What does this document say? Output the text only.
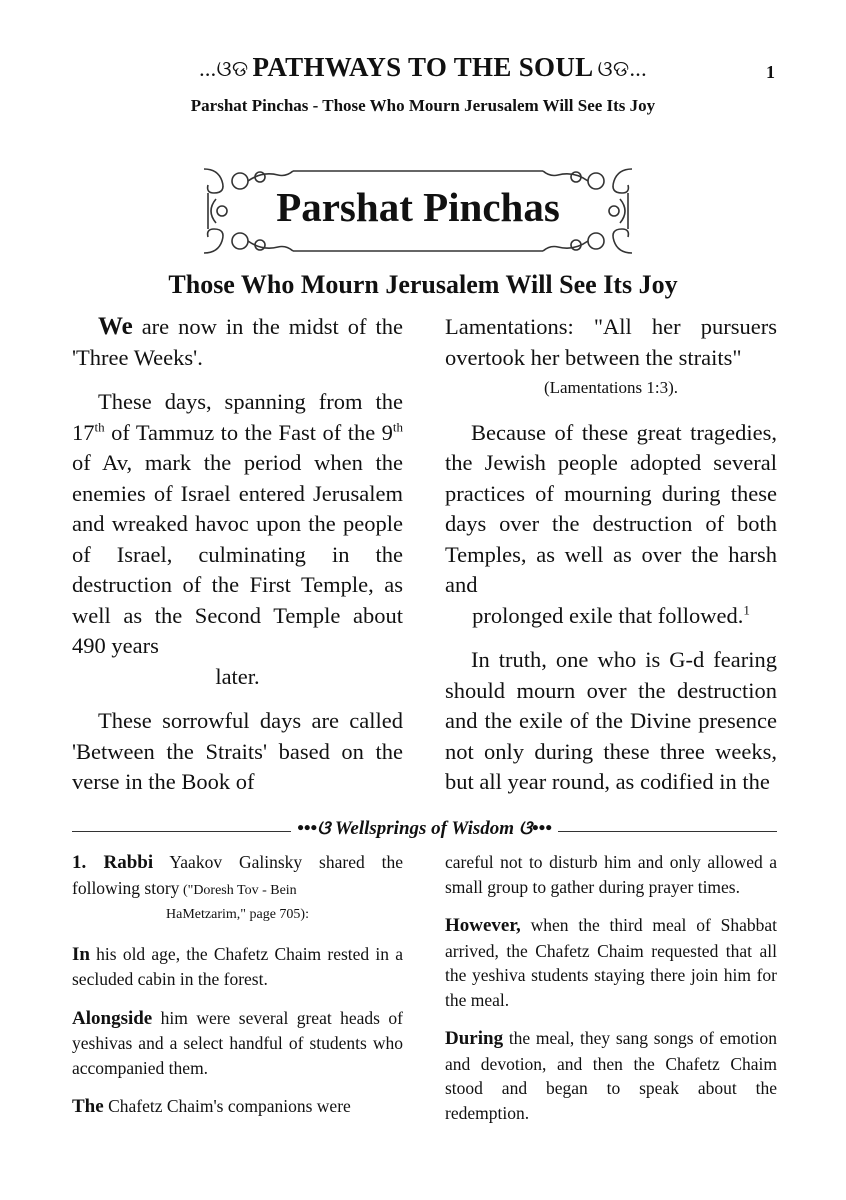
...ଓଡ PATHWAYS TO THE SOUL ଓଡ...	1
Parshat Pinchas - Those Who Mourn Jerusalem Will See Its Joy
Parshat Pinchas
Those Who Mourn Jerusalem Will See Its Joy

We are now in the midst of the 'Three Weeks'.

These days, spanning from the 17th of Tammuz to the Fast of the 9th of Av, mark the period when the enemies of Israel entered Jerusalem and wreaked havoc upon the people of Israel, culminating in the destruction of the First Temple, as well as the Second Temple about 490 years

later.

These sorrowful days are called 'Between the Straits' based on the verse in the Book of

Lamentations: "All her pursuers overtook her between the straits"

(Lamentations 1:3).

Because of these great tragedies, the Jewish people adopted several practices of mourning during these days over the destruction of both Temples, as well as over the harsh and

prolonged exile that followed.$^1$

In truth, one who is G-d fearing should mourn over the destruction and the exile of the Divine presence not only during these three weeks, but all year round, as codified in the

•••ଓ Wellsprings of Wisdom ଓ•••

1. Rabbi Yaakov Galinsky shared the following story ("Doresh Tov - Bein

HaMetzarim," page 705):

In his old age, the Chafetz Chaim rested in a secluded cabin in the forest.

Alongside him were several great heads of yeshivas and a select handful of students who accompanied them.

The Chafetz Chaim's companions were

careful not to disturb him and only allowed a small group to gather during prayer times.

However, when the third meal of Shabbat arrived, the Chafetz Chaim requested that all the yeshiva students staying there join him for the meal.

During the meal, they sang songs of emotion and devotion, and then the Chafetz Chaim stood and began to speak about the redemption.
